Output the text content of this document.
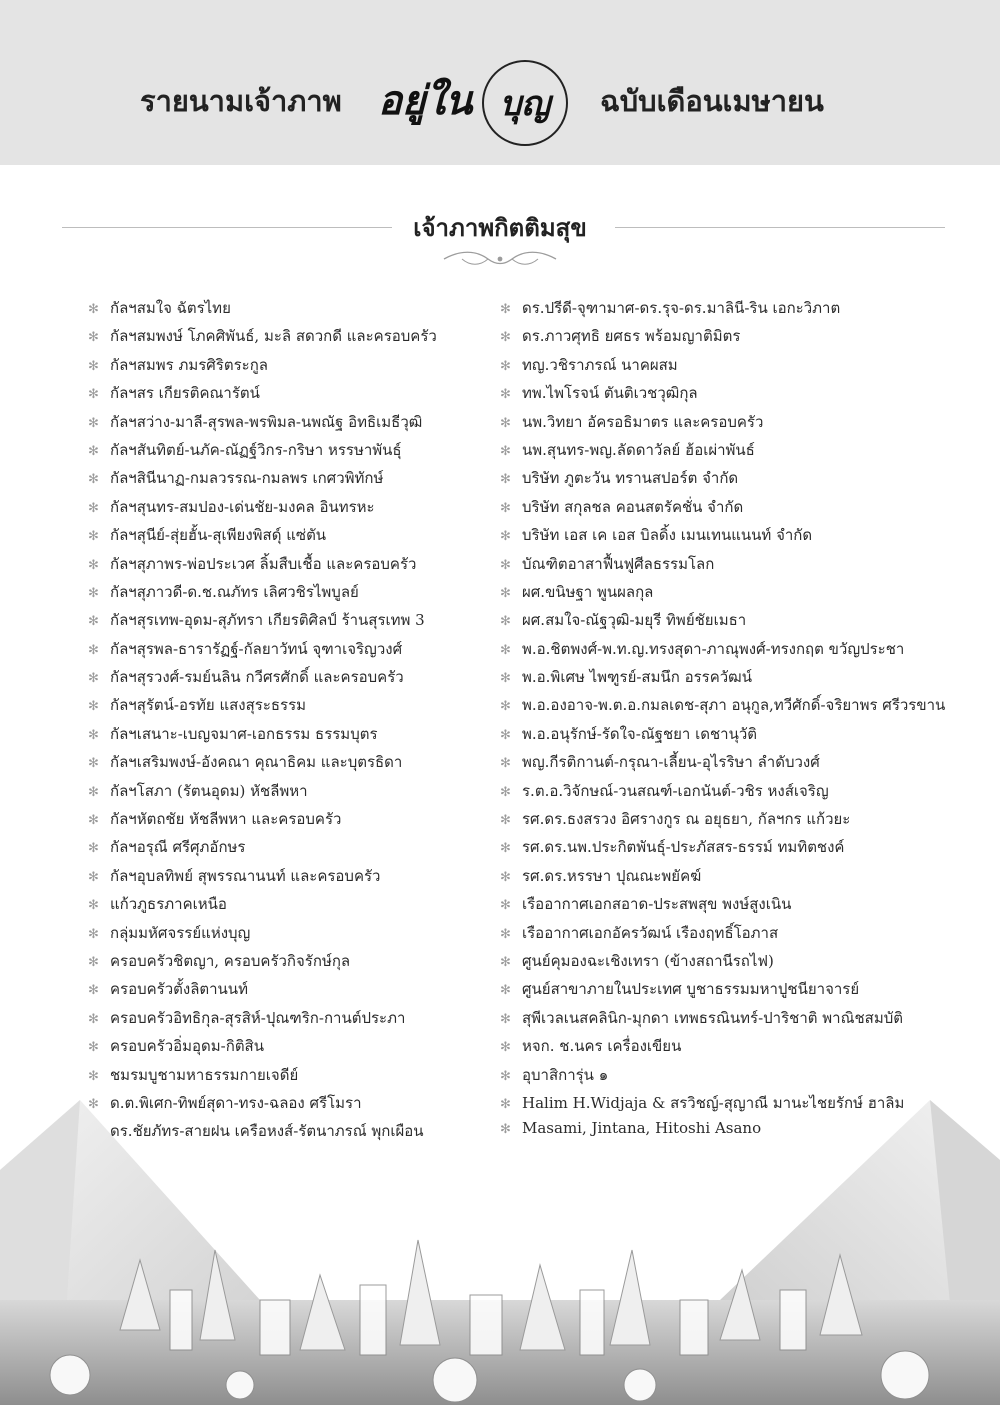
รายนามเจ้าภาพ อยู่ใน บุญ ฉบับเดือนเมษายน
เจ้าภาพกิตติมสุข
✻ กัลฯสมใจ ฉัตรไทย
✻ กัลฯสมพงษ์ โภคศิพันธ์, มะลิ สดวกดี และครอบครัว
✻ กัลฯสมพร ภมรศิริตระกูล
✻ กัลฯสร เกียรติคณารัตน์
✻ กัลฯสว่าง-มาลี-สุรพล-พรพิมล-นพณัฐ อิทธิเมธีวุฒิ
✻ กัลฯสันทิตย์-นภัค-ณัฏฐ์วิกร-กริษา หรรษาพันธุ์
✻ กัลฯสินีนาฏ-กมลวรรณ-กมลพร เกศวพิทักษ์
✻ กัลฯสุนทร-สมปอง-เด่นชัย-มงคล อินทรหะ
✻ กัลฯสุนีย์-สุ่ยฮั้น-สุเพียงพิสดุ์ แซ่ตัน
✻ กัลฯสุภาพร-พ่อประเวศ ลิ้มสืบเชื้อ และครอบครัว
✻ กัลฯสุภาวดี-ด.ช.ณภัทร เลิศวชิรไพบูลย์
✻ กัลฯสุรเทพ-อุดม-สุภัทรา เกียรติศิลป์ ร้านสุรเทพ 3
✻ กัลฯสุรพล-ธารารัฏฐ์-กัลยาวัทน์ จุฑาเจริญวงศ์
✻ กัลฯสุรวงศ์-รมย์นลิน กวีศรศักดิ์ และครอบครัว
✻ กัลฯสุรัตน์-อรทัย แสงสุระธรรม
✻ กัลฯเสนาะ-เบญจมาศ-เอกธรรม ธรรมบุตร
✻ กัลฯเสริมพงษ์-อังคณา คุณาธิคม และบุตรธิดา
✻ กัลฯโสภา (รัตนอุดม) หัชลีพหา
✻ กัลฯหัตถชัย หัชลีพหา และครอบครัว
✻ กัลฯอรุณี ศรีศุภอักษร
✻ กัลฯอุบลทิพย์ สุพรรณานนท์ และครอบครัว
✻ แก้วภูธรภาคเหนือ
✻ กลุ่มมหัศจรรย์แห่งบุญ
✻ ครอบครัวชิตญา, ครอบครัวกิจรักษ์กุล
✻ ครอบครัวตั้งลิตานนท์
✻ ครอบครัวอิทธิกุล-สุรสิห์-ปุณฑริก-กานต์ประภา
✻ ครอบครัวอิ่มอุดม-กิติสิน
✻ ชมรมบูชามหาธรรมกายเจดีย์
✻ ด.ต.พิเศก-ทิพย์สุดา-ทรง-ฉลอง ศรีโมรา
ดร.ชัยภัทร-สายฝน เครือหงส์-รัตนาภรณ์ พุกเผือน
✻ ดร.ปรีดี-จุฑามาศ-ดร.รุจ-ดร.มาลินี-ริน เอกะวิภาต
✻ ดร.ภาวศุทธิ ยศธร พร้อมญาติมิตร
✻ ทญ.วชิราภรณ์ นาคผสม
✻ ทพ.ไพโรจน์ ตันติเวชวุฒิกุล
✻ นพ.วิทยา อัครอธิมาตร และครอบครัว
✻ นพ.สุนทร-พญ.ลัดดาวัลย์ ฮ้อเผ่าพันธ์
✻ บริษัท ภูตะวัน ทรานสปอร์ต จำกัด
✻ บริษัท สกุลชล คอนสตรัคชั่น จำกัด
✻ บริษัท เอส เค เอส บิลดิ้ง เมนเทนแนนท์ จำกัด
✻ บัณฑิตอาสาฟื้นฟูศีลธรรมโลก
✻ ผศ.ขนิษฐา พูนผลกุล
✻ ผศ.สมใจ-ณัฐวุฒิ-มยุรี ทิพย์ชัยเมธา
✻ พ.อ.ชิตพงศ์-พ.ท.ญ.ทรงสุดา-ภาณุพงศ์-ทรงกฤต ขวัญประชา
✻ พ.อ.พิเศษ ไพฑูรย์-สมนึก อรรควัฒน์
✻ พ.อ.องอาจ-พ.ต.อ.กมลเดช-สุภา อนุกูล,ทวีศักดิ์-จริยาพร ศรีวรขาน
✻ พ.อ.อนุรักษ์-รัดใจ-ณัฐชยา เดชานุวัติ
✻ พญ.กีรติกานต์-กรุณา-เลี้ยน-อุไรริษา ลำดับวงศ์
✻ ร.ต.อ.วิจักษณ์-วนสณฑ์-เอกนันต์-วชิร หงส์เจริญ
✻ รศ.ดร.ธงสรวง อิศรางกูร ณ อยุธยา, กัลฯกร แก้วยะ
✻ รศ.ดร.นพ.ประกิตพันธุ์-ประภัสสร-ธรรม์ ทมทิตชงค์
✻ รศ.ดร.หรรษา ปุณณะพยัคฆ์
✻ เรืออากาศเอกสอาด-ประสพสุข พงษ์สูงเนิน
✻ เรืออากาศเอกอัครวัฒน์ เรืองฤทธิ์โอภาส
✻ ศูนย์คุมองฉะเชิงเทรา (ข้างสถานีรถไฟ)
✻ ศูนย์สาขาภายในประเทศ บูชาธรรมมหาปูชนียาจารย์
✻ สุพีเวลเนสคลินิก-มุกดา เทพธรณินทร์-ปาริชาติ พาณิชสมบัติ
✻ หจก. ช.นคร เครื่องเขียน
✻ อุบาสิการุ่น ๑
✻ Halim H.Widjaja & สรวิชญ์-สุญาณี มานะไชยรักษ์ ฮาลิม
✻ Masami, Jintana, Hitoshi Asano
